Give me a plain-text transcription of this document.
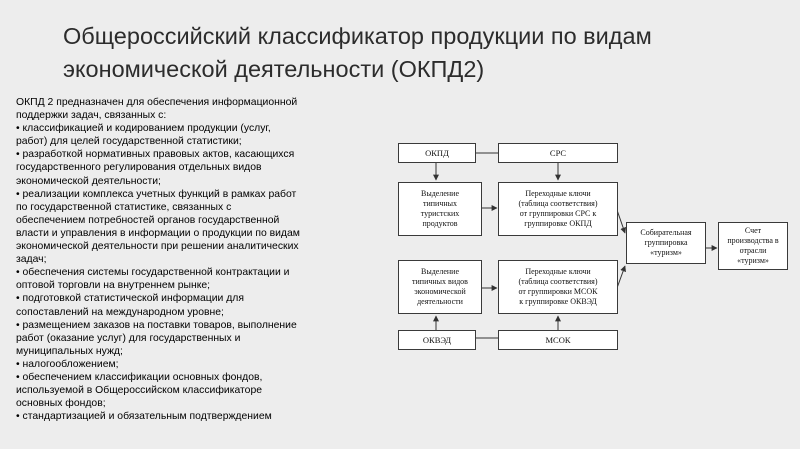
Общероссийский классификатор продукции по видам
экономической деятельности (ОКПД2)
ОКПД 2 предназначен для обеспечения информационной
поддержки задач, связанных с:
• классификацией и кодированием продукции (услуг,
работ) для целей государственной статистики;
• разработкой нормативных правовых актов, касающихся
государственного регулирования отдельных видов
экономической деятельности;
• реализации комплекса учетных функций в рамках работ
по государственной статистике, связанных с
обеспечением потребностей органов государственной
власти и управления в информации о продукции по видам
экономической деятельности при решении аналитических
задач;
• обеспечения системы государственной контрактации и
оптовой торговли на внутреннем рынке;
• подготовкой статистической информации для
сопоставлений на международном уровне;
• размещением заказов на поставки товаров, выполнение
работ (оказание услуг) для государственных и
муниципальных нужд;
• налогообложением;
• обеспечением классификации основных фондов,
используемой в Общероссийском классификаторе
основных фондов;
• стандартизацией и обязательным подтверждением
ОКПД	СРС
Выделение
типичных
туристских
продуктов
Переходные ключи
(таблица соответствия)
от группировки СРС к
группировке ОКПД
Собирательная
группировка
«туризм»
Счет
производства в
отрасли
«туризм»
Выделение
типичных видов
экономической
деятельности
Переходные ключи
(таблица соответствия)
от группировки МСОК
к группировке ОКВЭД
ОКВЭД	МСОК
